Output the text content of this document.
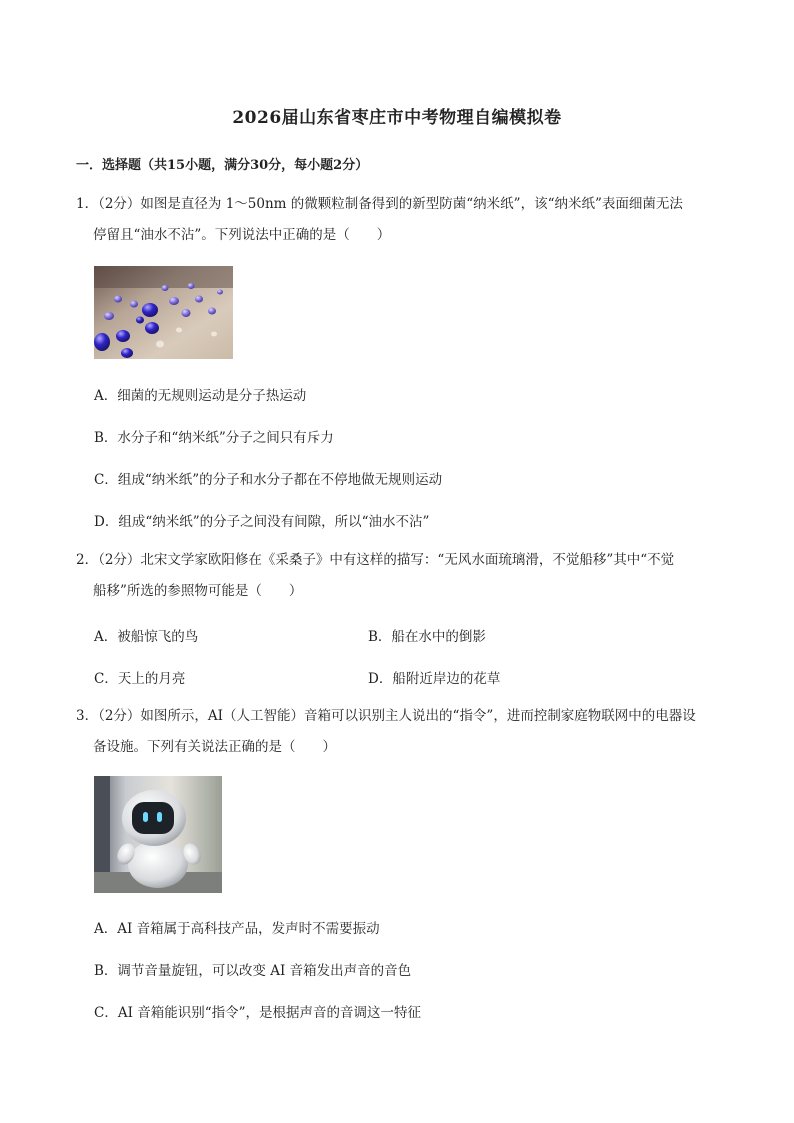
2026届山东省枣庄市中考物理自编模拟卷
一．选择题（共15小题，满分30分，每小题2分）
1．（2分）如图是直径为 1～50nm 的微颗粒制备得到的新型防菌“纳米纸”，该“纳米纸”表面细菌无法
停留且“油水不沾”。下列说法中正确的是（　　）
A．细菌的无规则运动是分子热运动
B．水分子和“纳米纸”分子之间只有斥力
C．组成“纳米纸”的分子和水分子都在不停地做无规则运动
D．组成“纳米纸”的分子之间没有间隙，所以“油水不沾”
2．（2分）北宋文学家欧阳修在《采桑子》中有这样的描写：“无风水面琉璃滑，不觉船移”其中“不觉
船移”所选的参照物可能是（　　）
A．被船惊飞的鸟	B．船在水中的倒影
C．天上的月亮	D．船附近岸边的花草
3．（2分）如图所示，AI（人工智能）音箱可以识别主人说出的“指令”，进而控制家庭物联网中的电器设
备设施。下列有关说法正确的是（　　）
A．AI 音箱属于高科技产品，发声时不需要振动
B．调节音量旋钮，可以改变 AI 音箱发出声音的音色
C．AI 音箱能识别“指令”，是根据声音的音调这一特征
